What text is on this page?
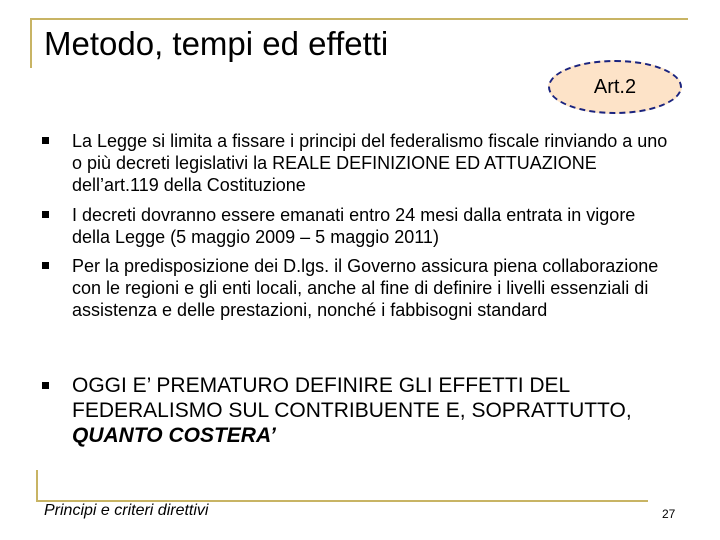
Metodo, tempi ed effetti
Art.2
La Legge si limita a fissare i principi del federalismo fiscale rinviando a uno o più decreti legislativi la REALE DEFINIZIONE ED ATTUAZIONE dell’art.119 della Costituzione
I decreti dovranno essere emanati entro 24 mesi dalla entrata in vigore della Legge (5 maggio 2009 – 5 maggio 2011)
Per la predisposizione dei D.lgs. il Governo assicura piena collaborazione con le regioni e gli enti locali, anche al fine di definire i livelli essenziali di assistenza e delle prestazioni, nonché i fabbisogni standard
OGGI E’ PREMATURO DEFINIRE GLI EFFETTI DEL FEDERALISMO SUL CONTRIBUENTE E, SOPRATTUTTO, QUANTO COSTERA’
Principi e criteri direttivi	27
